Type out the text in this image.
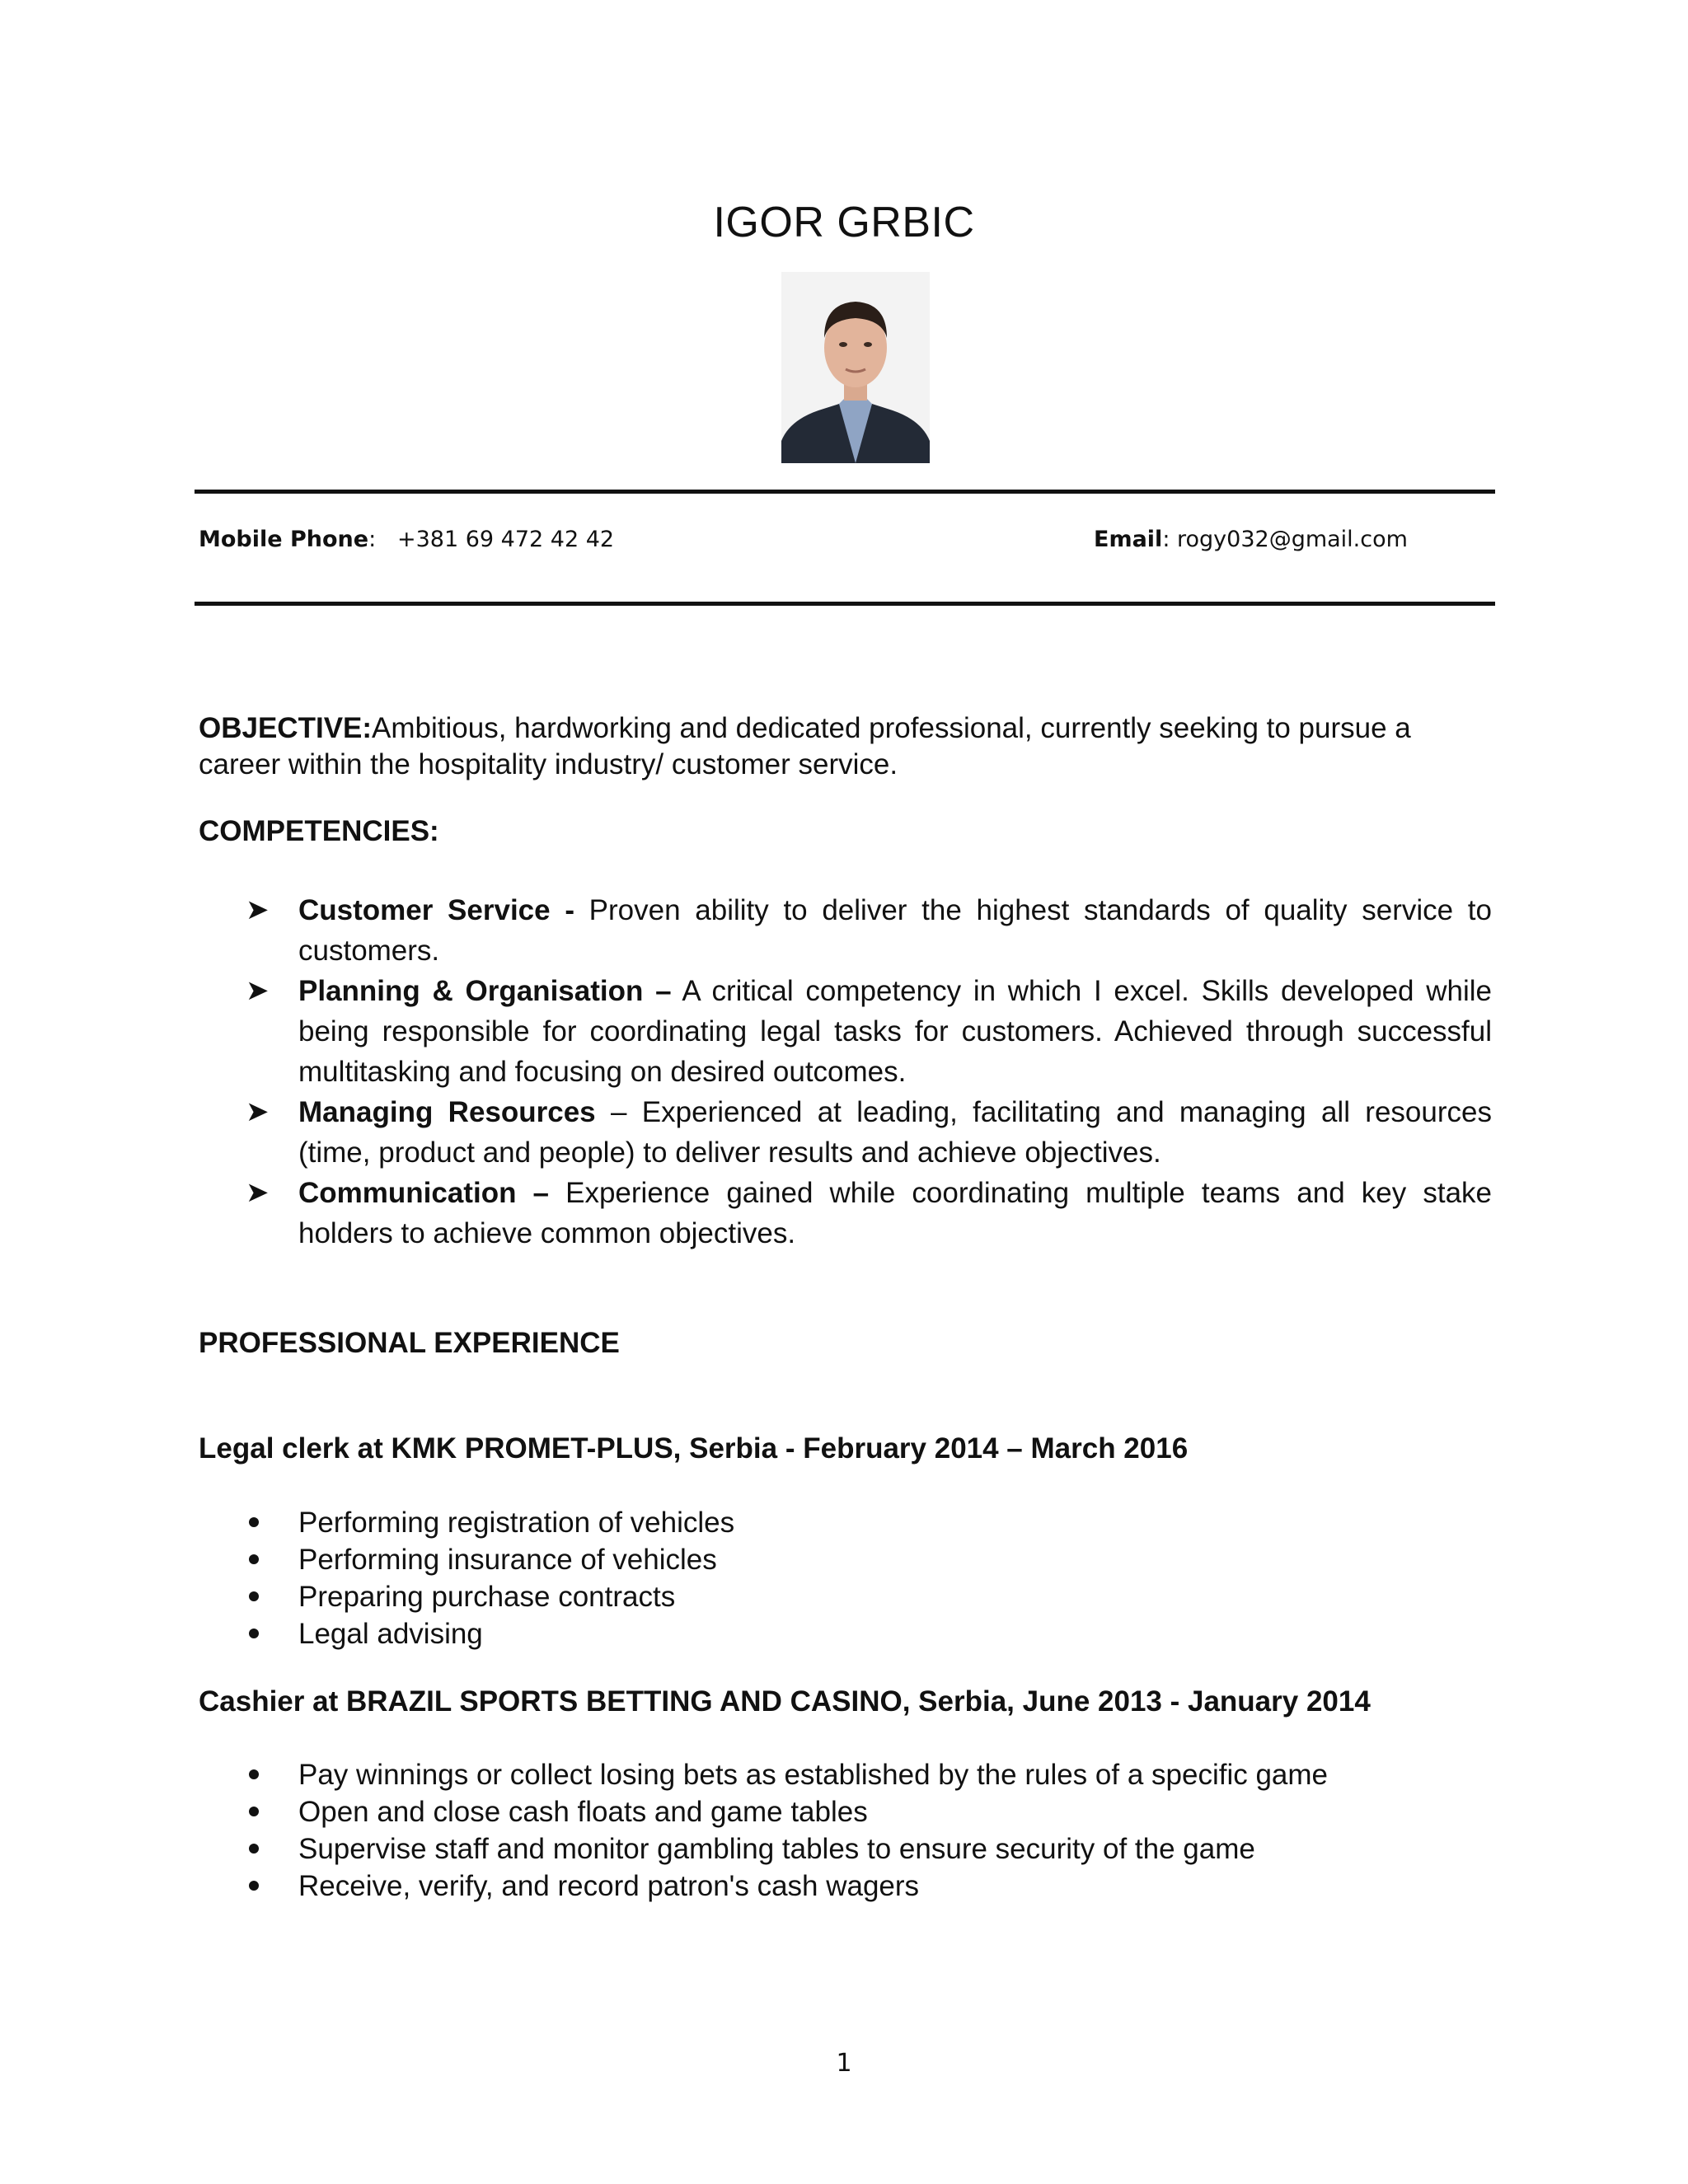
IGOR GRBIC
Mobile Phone: +381 69 472 42 42	Email: rogy032@gmail.com
OBJECTIVE:Ambitious, hardworking and dedicated professional, currently seeking to pursue a career within the hospitality industry/ customer service.
COMPETENCIES:
➤ Customer Service - Proven ability to deliver the highest standards of quality service to customers.
➤ Planning & Organisation – A critical competency in which I excel. Skills developed while being responsible for coordinating legal tasks for customers. Achieved through successful multitasking and focusing on desired outcomes.
➤ Managing Resources – Experienced at leading, facilitating and managing all resources (time, product and people) to deliver results and achieve objectives.
➤ Communication – Experience gained while coordinating multiple teams and key stake holders to achieve common objectives.
PROFESSIONAL EXPERIENCE
Legal clerk at KMK PROMET-PLUS, Serbia - February 2014 – March 2016
Performing registration of vehicles
Performing insurance of vehicles
Preparing purchase contracts
Legal advising
Cashier at BRAZIL SPORTS BETTING AND CASINO, Serbia, June 2013 - January 2014
Pay winnings or collect losing bets as established by the rules of a specific game
Open and close cash floats and game tables
Supervise staff and monitor gambling tables to ensure security of the game
Receive, verify, and record patron's cash wagers
1
